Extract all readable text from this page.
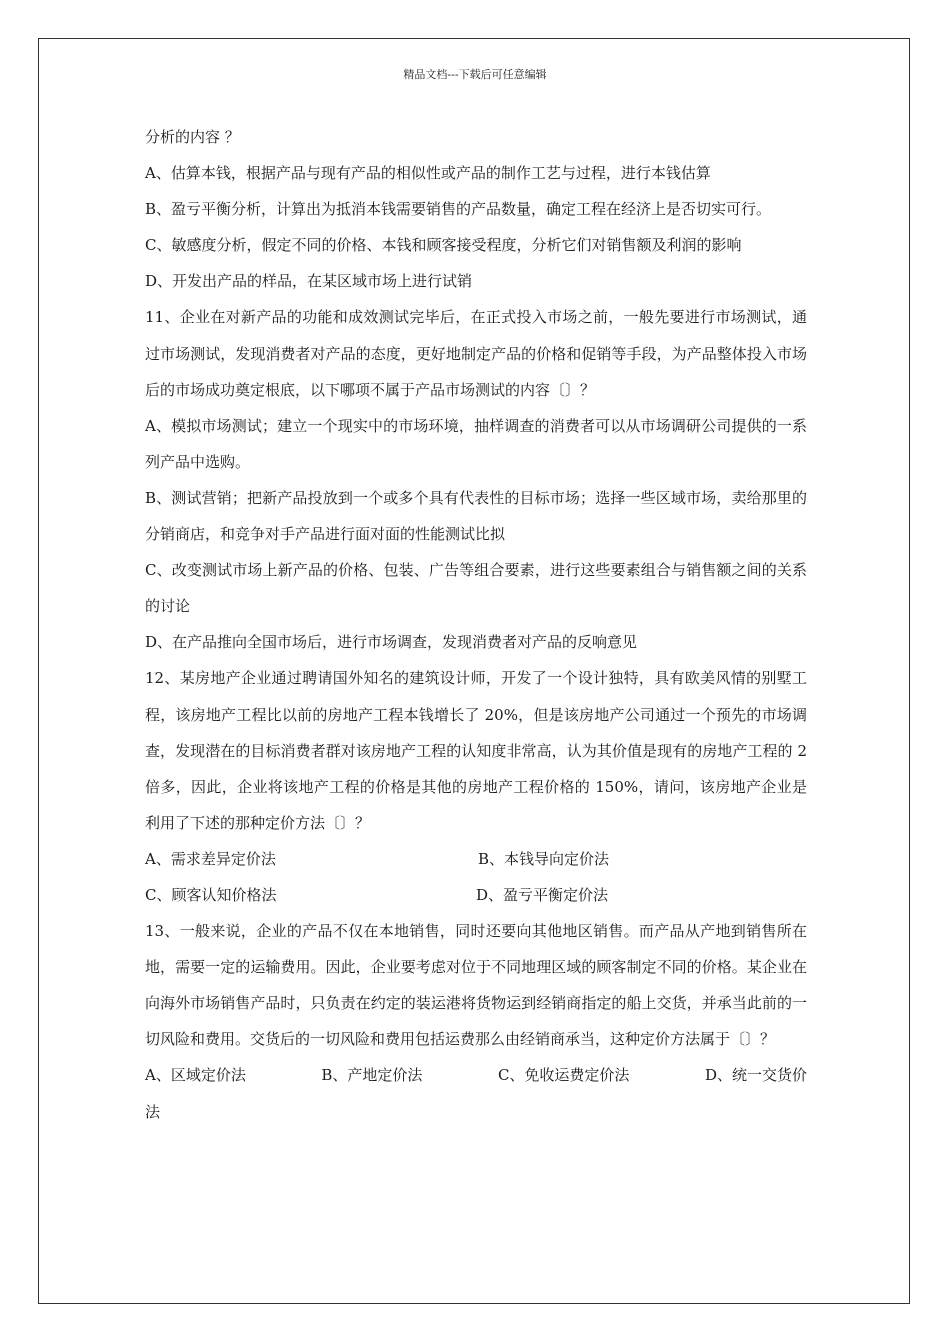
精品文档---下载后可任意编辑

分析的内容 ？

A、估算本钱，根据产品与现有产品的相似性或产品的制作工艺与过程，进行本钱估算

B、盈亏平衡分析，计算出为抵消本钱需要销售的产品数量，确定工程在经济上是否切实可行。

C、敏感度分析，假定不同的价格、本钱和顾客接受程度，分析它们对销售额及利润的影响

D、开发出产品的样品，在某区域市场上进行试销

11、企业在对新产品的功能和成效测试完毕后，在正式投入市场之前，一般先要进行市场测试，通过市场测试，发现消费者对产品的态度，更好地制定产品的价格和促销等手段，为产品整体投入市场后的市场成功奠定根底，以下哪项不属于产品市场测试的内容〔〕？

A、模拟市场测试；建立一个现实中的市场环境，抽样调查的消费者可以从市场调研公司提供的一系列产品中选购。

B、测试营销；把新产品投放到一个或多个具有代表性的目标市场；选择一些区域市场，卖给那里的分销商店，和竞争对手产品进行面对面的性能测试比拟

C、改变测试市场上新产品的价格、包装、广告等组合要素，进行这些要素组合与销售额之间的关系的讨论

D、在产品推向全国市场后，进行市场调查，发现消费者对产品的反响意见

12、某房地产企业通过聘请国外知名的建筑设计师，开发了一个设计独特，具有欧美风情的别墅工程，该房地产工程比以前的房地产工程本钱增长了 20%，但是该房地产公司通过一个预先的市场调查，发现潜在的目标消费者群对该房地产工程的认知度非常高，认为其价值是现有的房地产工程的 2 倍多，因此，企业将该地产工程的价格是其他的房地产工程价格的 150%，请问，该房地产企业是利用了下述的那种定价方法〔〕？

A、需求差异定价法	B、本钱导向定价法
C、顾客认知价格法	D、盈亏平衡定价法

13、一般来说，企业的产品不仅在本地销售，同时还要向其他地区销售。而产品从产地到销售所在地，需要一定的运输费用。因此，企业要考虑对位于不同地理区域的顾客制定不同的价格。某企业在向海外市场销售产品时，只负责在约定的装运港将货物运到经销商指定的船上交货，并承当此前的一切风险和费用。交货后的一切风险和费用包括运费那么由经销商承当，这种定价方法属于〔〕？

A、区域定价法	B、产地定价法	C、免收运费定价法	D、统一交货价

法
